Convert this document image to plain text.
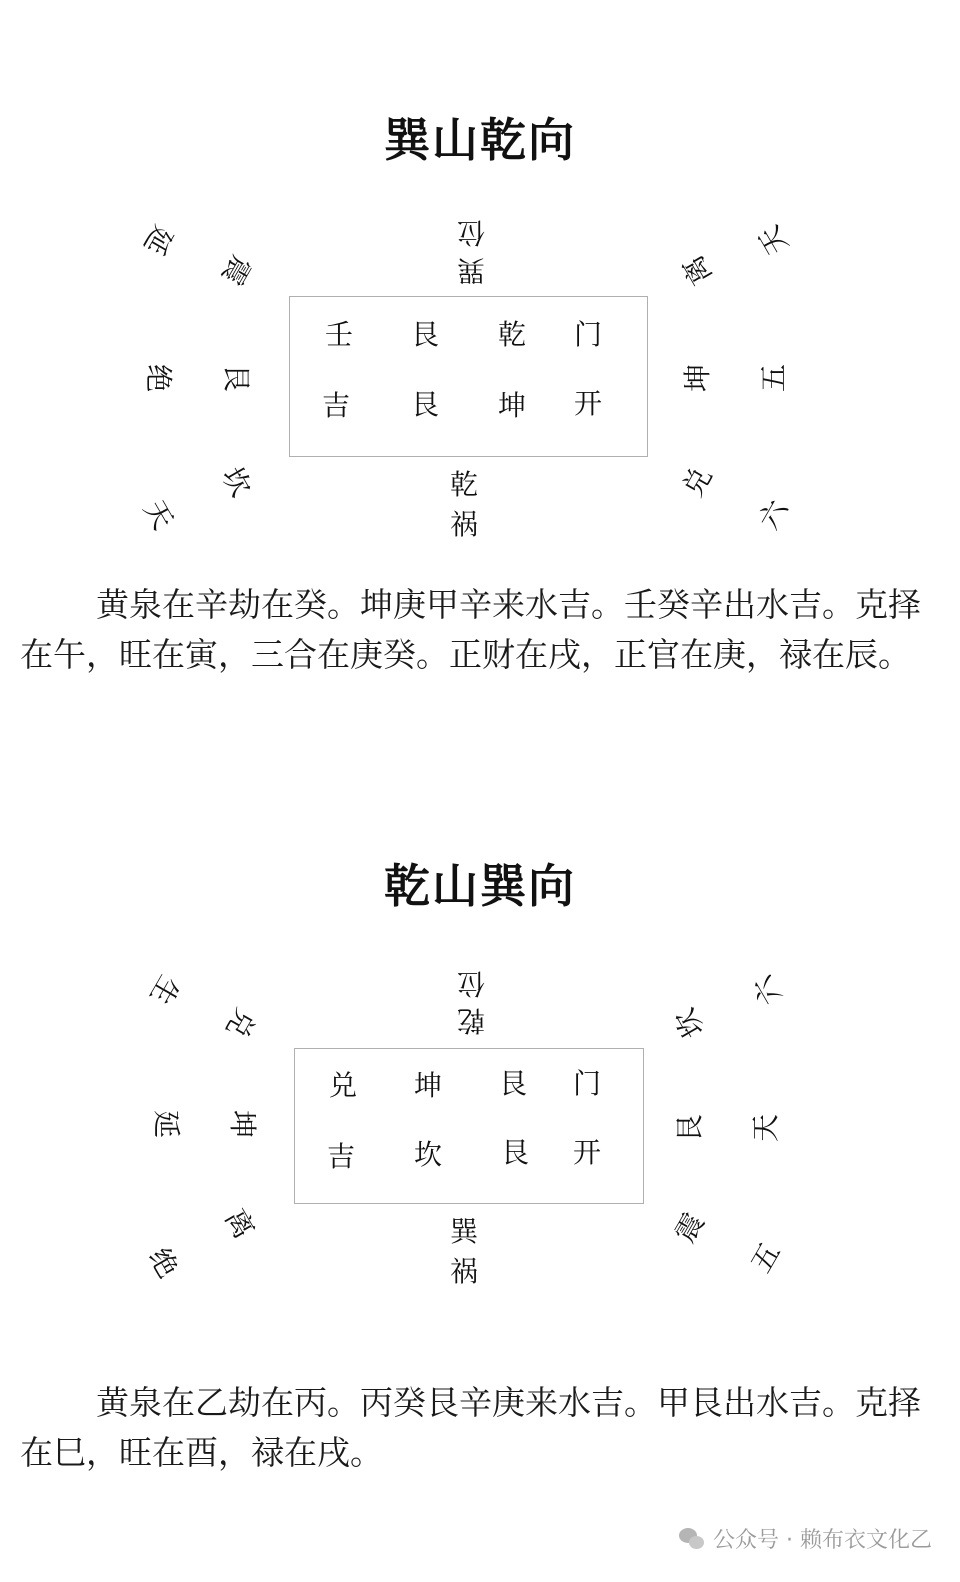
巽山乾向
巽
位
延
绝
天
震
艮
坎
离
坤
兑
天
五
六
壬 艮 乾 门
吉 艮 坤 开
乾
祸

黄泉在辛劫在癸。坤庚甲辛来水吉。壬癸辛出水吉。克择在午，旺在寅，三合在庚癸。正财在戌，正官在庚，禄在辰。

乾山巽向
乾
位
生
延
绝
兑
坤
离
坎
艮
震
六
天
五
兑 坤 艮 门
吉 坎 艮 开
巽
祸

黄泉在乙劫在丙。丙癸艮辛庚来水吉。甲艮出水吉。克择在巳，旺在酉，禄在戌。

公众号 · 赖布衣文化乙
